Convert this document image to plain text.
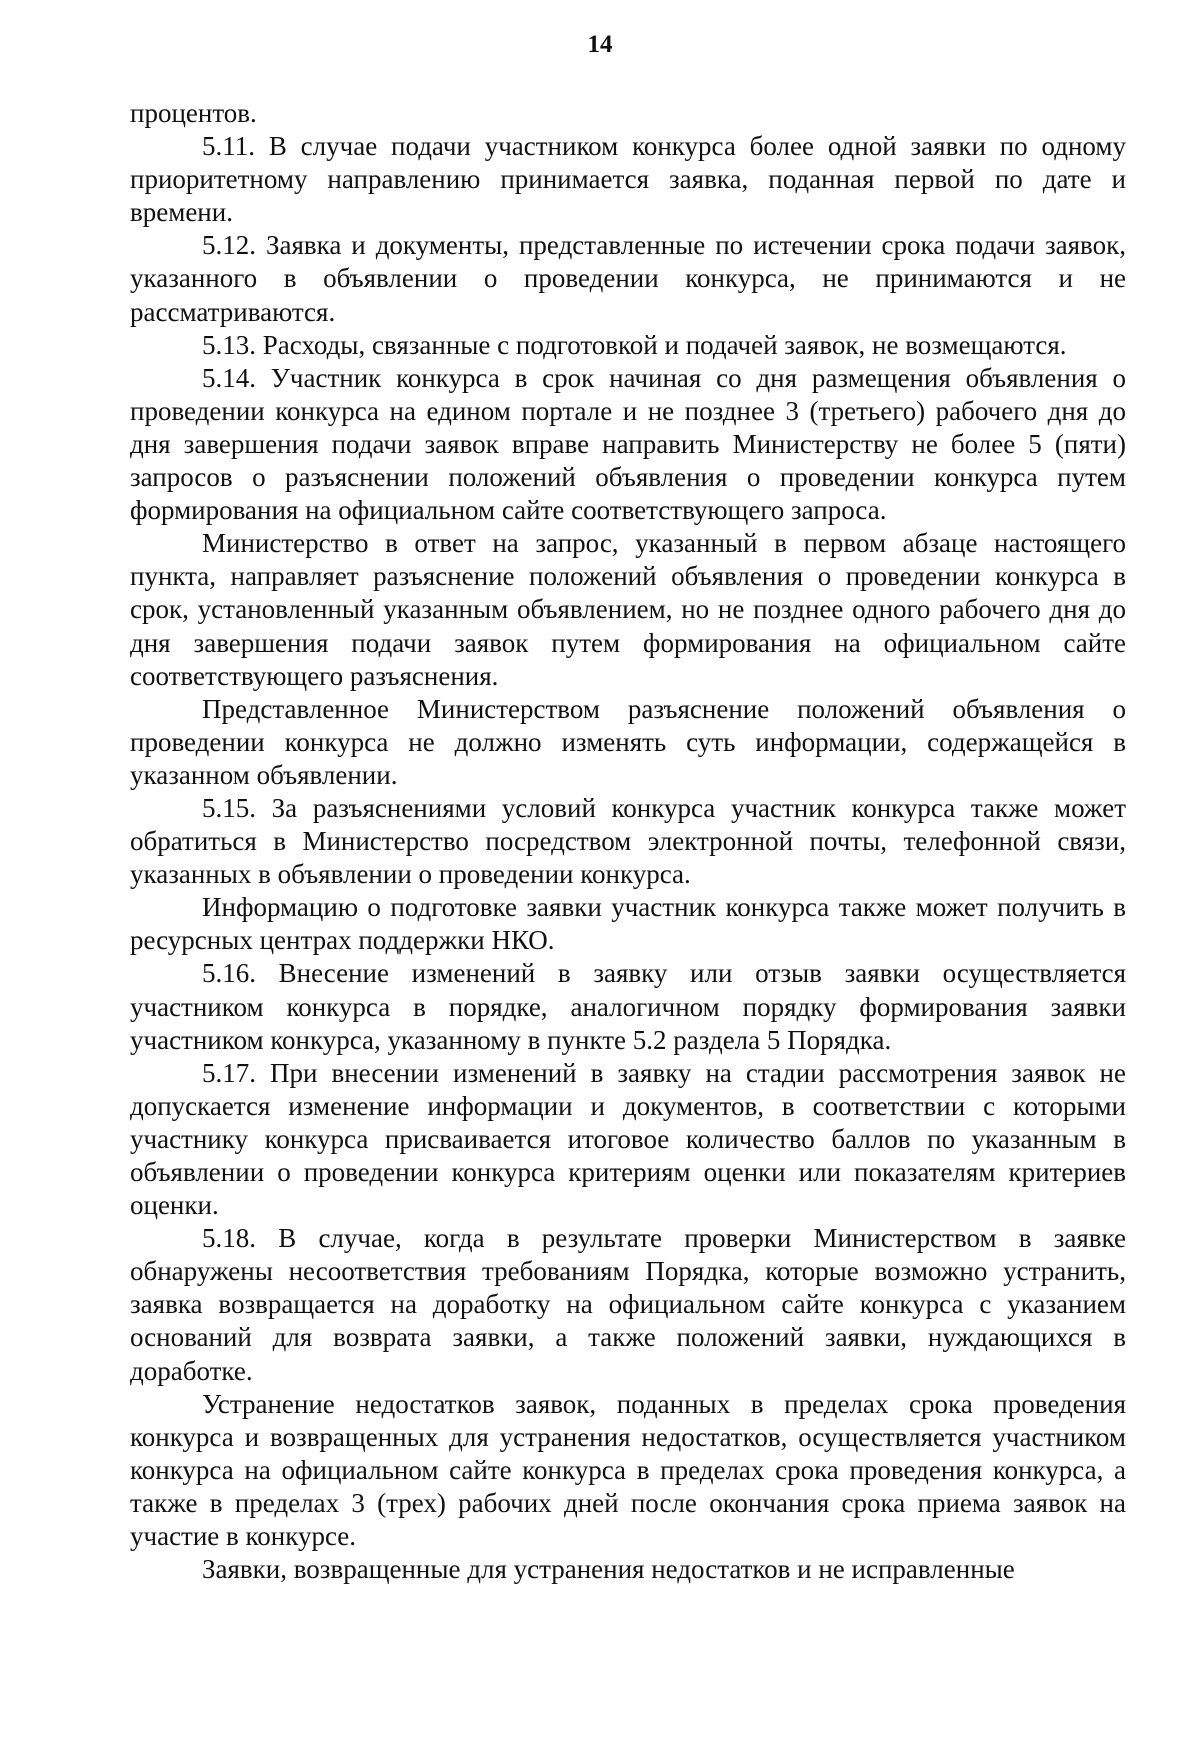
14

процентов.

5.11. В случае подачи участником конкурса более одной заявки по одному приоритетному направлению принимается заявка, поданная первой по дате и времени.

5.12. Заявка и документы, представленные по истечении срока подачи заявок, указанного в объявлении о проведении конкурса, не принимаются и не рассматриваются.

5.13. Расходы, связанные с подготовкой и подачей заявок, не возмещаются.

5.14. Участник конкурса в срок начиная со дня размещения объявления о проведении конкурса на едином портале и не позднее 3 (третьего) рабочего дня до дня завершения подачи заявок вправе направить Министерству не более 5 (пяти) запросов о разъяснении положений объявления о проведении конкурса путем формирования на официальном сайте соответствующего запроса.

Министерство в ответ на запрос, указанный в первом абзаце настоящего пункта, направляет разъяснение положений объявления о проведении конкурса в срок, установленный указанным объявлением, но не позднее одного рабочего дня до дня завершения подачи заявок путем формирования на официальном сайте соответствующего разъяснения.

Представленное Министерством разъяснение положений объявления о проведении конкурса не должно изменять суть информации, содержащейся в указанном объявлении.

5.15. За разъяснениями условий конкурса участник конкурса также может обратиться в Министерство посредством электронной почты, телефонной связи, указанных в объявлении о проведении конкурса.

Информацию о подготовке заявки участник конкурса также может получить в ресурсных центрах поддержки НКО.

5.16. Внесение изменений в заявку или отзыв заявки осуществляется участником конкурса в порядке, аналогичном порядку формирования заявки участником конкурса, указанному в пункте 5.2 раздела 5 Порядка.

5.17. При внесении изменений в заявку на стадии рассмотрения заявок не допускается изменение информации и документов, в соответствии с которыми участнику конкурса присваивается итоговое количество баллов по указанным в объявлении о проведении конкурса критериям оценки или показателям критериев оценки.

5.18. В случае, когда в результате проверки Министерством в заявке обнаружены несоответствия требованиям Порядка, которые возможно устранить, заявка возвращается на доработку на официальном сайте конкурса с указанием оснований для возврата заявки, а также положений заявки, нуждающихся в доработке.

Устранение недостатков заявок, поданных в пределах срока проведения конкурса и возвращенных для устранения недостатков, осуществляется участником конкурса на официальном сайте конкурса в пределах срока проведения конкурса, а также в пределах 3 (трех) рабочих дней после окончания срока приема заявок на участие в конкурсе.

Заявки, возвращенные для устранения недостатков и не исправленные
